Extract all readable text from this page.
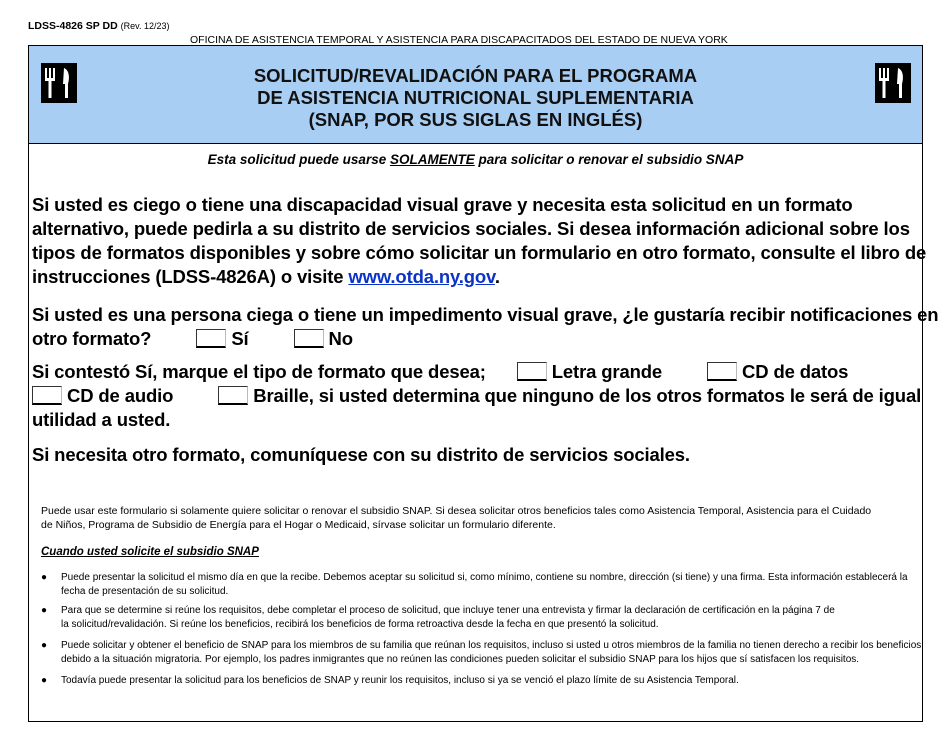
LDSS-4826 SP DD (Rev. 12/23)
OFICINA DE ASISTENCIA TEMPORAL Y ASISTENCIA PARA DISCAPACITADOS DEL ESTADO DE NUEVA YORK
SOLICITUD/REVALIDACIÓN PARA EL PROGRAMA
DE ASISTENCIA NUTRICIONAL SUPLEMENTARIA
(SNAP, POR SUS SIGLAS EN INGLÉS)
Esta solicitud puede usarse SOLAMENTE para solicitar o renovar el subsidio SNAP
Si usted es ciego o tiene una discapacidad visual grave y necesita esta solicitud en un formato
alternativo, puede pedirla a su distrito de servicios sociales. Si desea información adicional sobre los
tipos de formatos disponibles y sobre cómo solicitar un formulario en otro formato, consulte el libro de
instrucciones (LDSS-4826A) o visite www.otda.ny.gov.
Si usted es una persona ciega o tiene un impedimento visual grave, ¿le gustaría recibir notificaciones en
otro formato?	Sí	No
Si contestó Sí, marque el tipo de formato que desea;	Letra grande	CD de datos
CD de audio	Braille, si usted determina que ninguno de los otros formatos le será de igual
utilidad a usted.
Si necesita otro formato, comuníquese con su distrito de servicios sociales.
Puede usar este formulario si solamente quiere solicitar o renovar el subsidio SNAP. Si desea solicitar otros beneficios tales como Asistencia Temporal, Asistencia para el Cuidado
de Niños, Programa de Subsidio de Energía para el Hogar o Medicaid, sírvase solicitar un formulario diferente.
Cuando usted solicite el subsidio SNAP
● Puede presentar la solicitud el mismo día en que la recibe. Debemos aceptar su solicitud si, como mínimo, contiene su nombre, dirección (si tiene) y una firma. Esta información establecerá la
fecha de presentación de su solicitud.
● Para que se determine si reúne los requisitos, debe completar el proceso de solicitud, que incluye tener una entrevista y firmar la declaración de certificación en la página 7 de
la solicitud/revalidación. Si reúne los beneficios, recibirá los beneficios de forma retroactiva desde la fecha en que presentó la solicitud.
● Puede solicitar y obtener el beneficio de SNAP para los miembros de su familia que reúnan los requisitos, incluso si usted u otros miembros de la familia no tienen derecho a recibir los beneficios
debido a la situación migratoria. Por ejemplo, los padres inmigrantes que no reúnen las condiciones pueden solicitar el subsidio SNAP para los hijos que sí satisfacen los requisitos.
● Todavía puede presentar la solicitud para los beneficios de SNAP y reunir los requisitos, incluso si ya se venció el plazo límite de su Asistencia Temporal.
